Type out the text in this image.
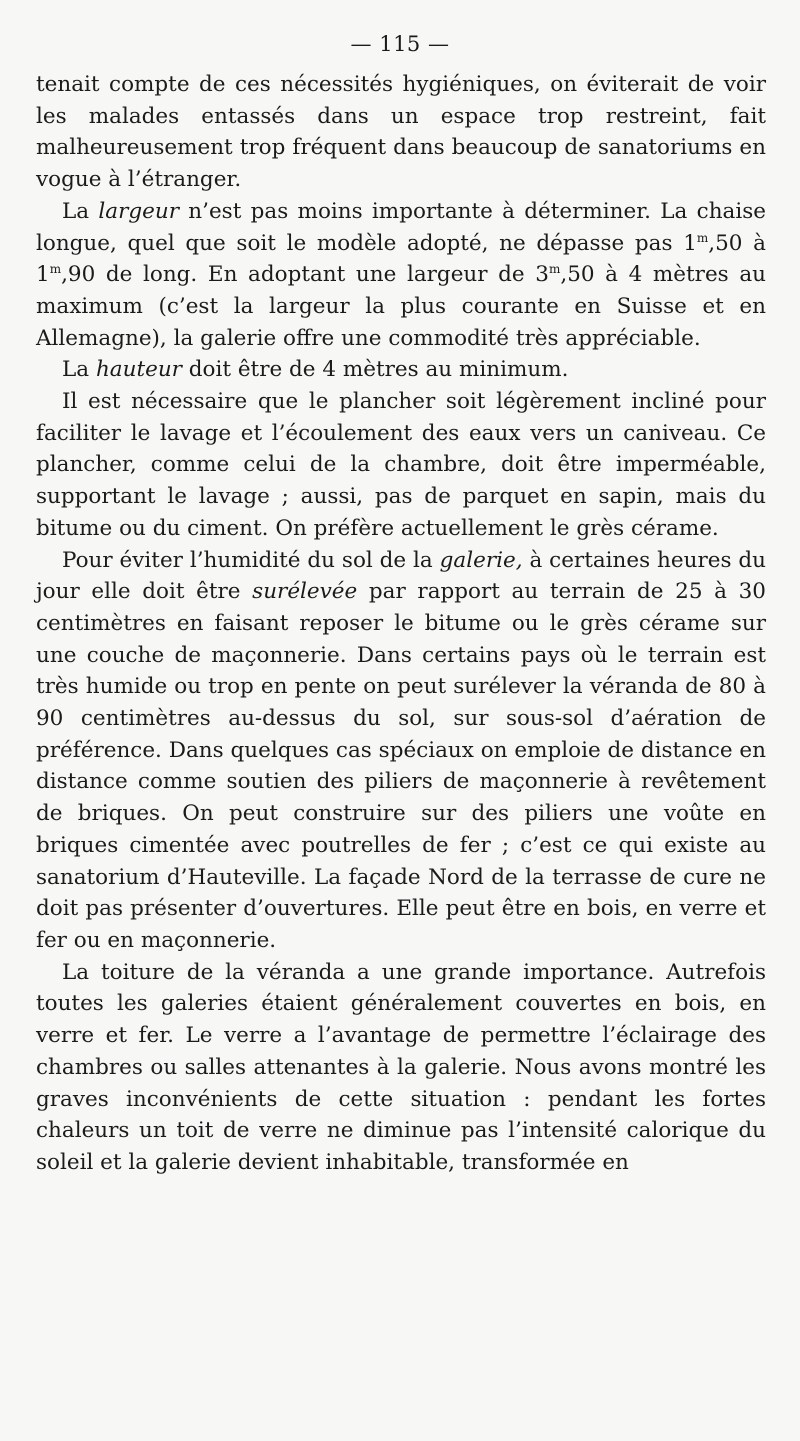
— 115 —

tenait compte de ces nécessités hygiéniques, on éviterait de voir les malades entassés dans un espace trop restreint, fait malheureusement trop fréquent dans beaucoup de sanatoriums en vogue à l’étranger.

La largeur n’est pas moins importante à déterminer. La chaise longue, quel que soit le modèle adopté, ne dépasse pas 1$^m$,50 à 1$^m$,90 de long. En adoptant une largeur de 3$^m$,50 à 4 mètres au maximum (c’est la largeur la plus courante en Suisse et en Allemagne), la galerie offre une commodité très appréciable.

La hauteur doit être de 4 mètres au minimum.

Il est nécessaire que le plancher soit légèrement incliné pour faciliter le lavage et l’écoulement des eaux vers un caniveau. Ce plancher, comme celui de la chambre, doit être imperméable, supportant le lavage ; aussi, pas de parquet en sapin, mais du bitume ou du ciment. On préfère actuellement le grès cérame.

Pour éviter l’humidité du sol de la galerie, à certaines heures du jour elle doit être surélevée par rapport au terrain de 25 à 30 centimètres en faisant reposer le bitume ou le grès cérame sur une couche de maçonnerie. Dans certains pays où le terrain est très humide ou trop en pente on peut surélever la véranda de 80 à 90 centimètres au-dessus du sol, sur sous-sol d’aération de préférence. Dans quelques cas spéciaux on emploie de distance en distance comme soutien des piliers de maçonnerie à revêtement de briques. On peut construire sur des piliers une voûte en briques cimentée avec poutrelles de fer ; c’est ce qui existe au sanatorium d’Hauteville. La façade Nord de la terrasse de cure ne doit pas présenter d’ouvertures. Elle peut être en bois, en verre et fer ou en maçonnerie.

La toiture de la véranda a une grande importance. Autrefois toutes les galeries étaient généralement couvertes en bois, en verre et fer. Le verre a l’avantage de permettre l’éclairage des chambres ou salles attenantes à la galerie. Nous avons montré les graves inconvénients de cette situation : pendant les fortes chaleurs un toit de verre ne diminue pas l’intensité calorique du soleil et la galerie devient inhabitable, transformée en
